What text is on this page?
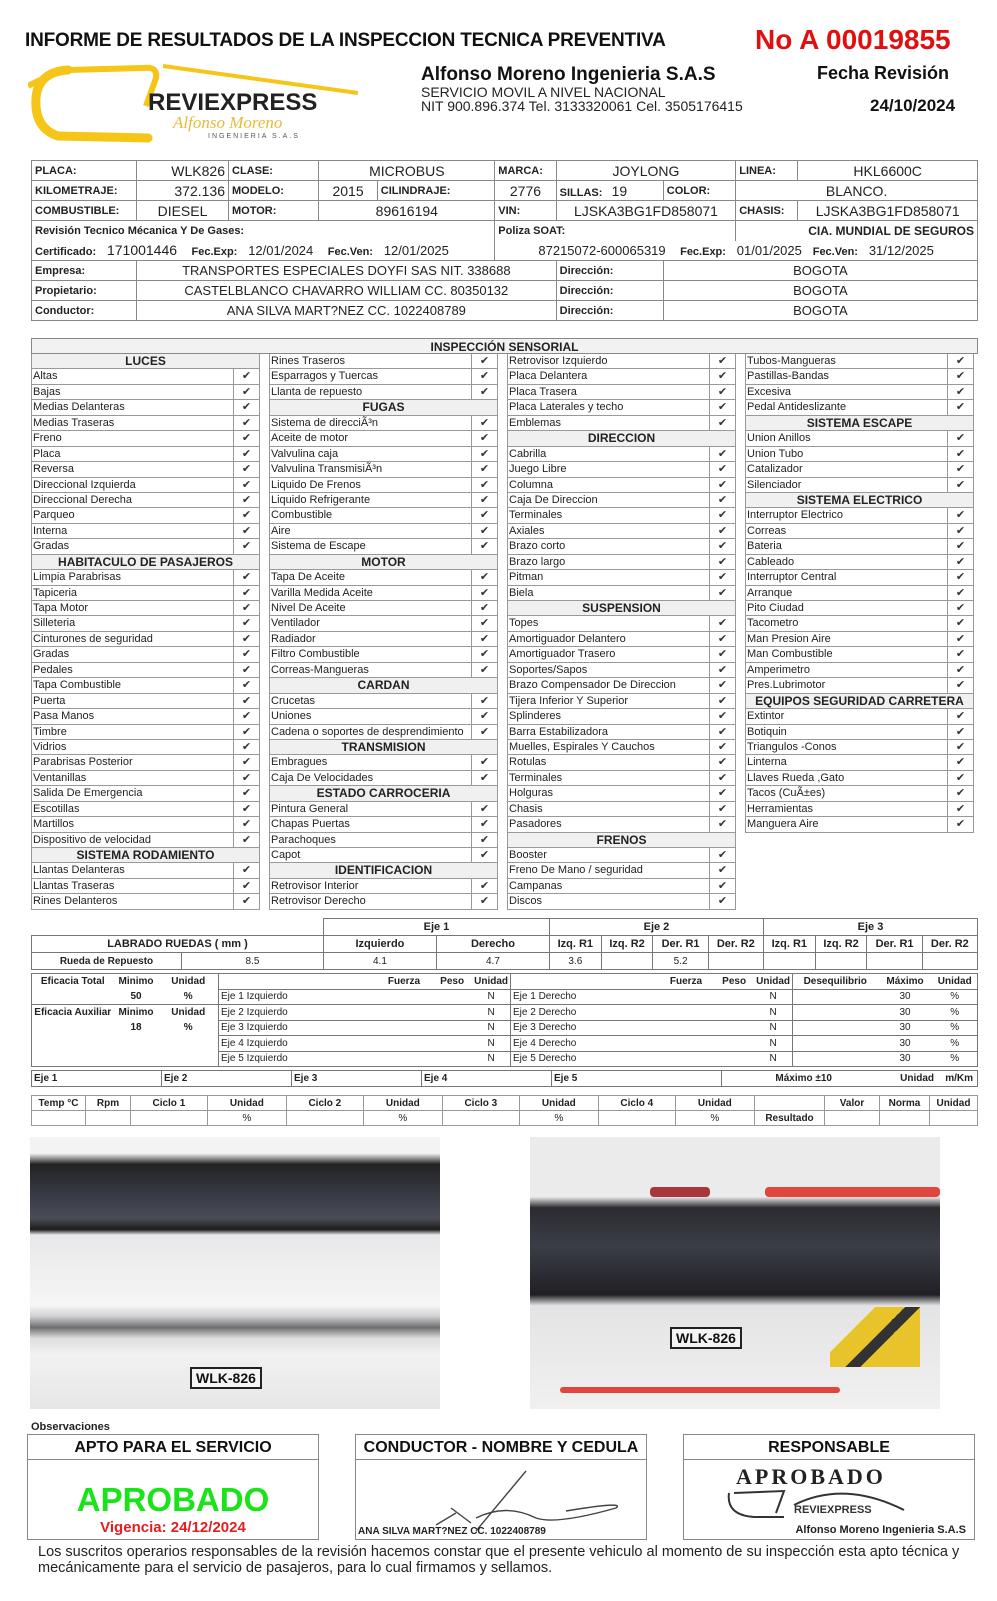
INFORME DE RESULTADOS DE LA INSPECCION TECNICA PREVENTIVA	No A 00019855
REVIEXPRESS
Alfonso Moreno
INGENIERIA S.A.S
Alfonso Moreno Ingenieria S.A.S
SERVICIO MOVIL A NIVEL NACIONAL
NIT 900.896.374 Tel. 3133320061 Cel. 3505176415
Fecha Revisión
24/10/2024
PLACA:	WLK826	CLASE:	MICROBUS		MARCA:	JOYLONG		LINEA:	HKL6600C
KILOMETRAJE:	372.136	MODELO:	2015	CILINDRAJE:	2776	SILLAS: 19	COLOR:	BLANCO.	
COMBUSTIBLE:	DIESEL	MOTOR:	89616194		VIN:	LJSKA3BG1FD858071		CHASIS:	LJSKA3BG1FD858071
Revisión Tecnico Mécanica Y De Gases:					Poliza SOAT:			CIA. MUNDIAL DE SEGUROS	
Certificado: 171001446 Fec.Exp: 12/01/2024 Fec.Ven: 12/01/2025					87215072-600065319 Fec.Exp: 01/01/2025 Fec.Ven: 31/12/2025				
Empresa:	TRANSPORTES ESPECIALES DOYFI SAS NIT. 338688					Dirección:	BOGOTA		
Propietario:	CASTELBLANCO CHAVARRO WILLIAM CC. 80350132					Dirección:	BOGOTA		
Conductor:	ANA SILVA MART?NEZ CC. 1022408789					Dirección:	BOGOTA		
INSPECCIÓN SENSORIAL
LUCES
Altas	✔
Bajas	✔
Medias Delanteras	✔
Medias Traseras	✔
Freno	✔
Placa	✔
Reversa	✔
Direccional Izquierda	✔
Direccional Derecha	✔
Parqueo	✔
Interna	✔
Gradas	✔
HABITACULO DE PASAJEROS
Limpia Parabrisas	✔
Tapiceria	✔
Tapa Motor	✔
Silleteria	✔
Cinturones de seguridad	✔
Gradas	✔
Pedales	✔
Tapa Combustible	✔
Puerta	✔
Pasa Manos	✔
Timbre	✔
Vidrios	✔
Parabrisas Posterior	✔
Ventanillas	✔
Salida De Emergencia	✔
Escotillas	✔
Martillos	✔
Dispositivo de velocidad	✔
SISTEMA RODAMIENTO
Llantas Delanteras	✔
Llantas Traseras	✔
Rines Delanteros	✔
Rines Traseros	✔
Esparragos y Tuercas	✔
Llanta de repuesto	✔
FUGAS
Sistema de direcciÃ³n	✔
Aceite de motor	✔
Valvulina caja	✔
Valvulina TransmisiÃ³n	✔
Liquido De Frenos	✔
Liquido Refrigerante	✔
Combustible	✔
Aire	✔
Sistema de Escape	✔
MOTOR
Tapa De Aceite	✔
Varilla Medida Aceite	✔
Nivel De Aceite	✔
Ventilador	✔
Radiador	✔
Filtro Combustible	✔
Correas-Mangueras	✔
CARDAN
Crucetas	✔
Uniones	✔
Cadena o soportes de desprendimiento	✔
TRANSMISION
Embragues	✔
Caja De Velocidades	✔
ESTADO CARROCERIA
Pintura General	✔
Chapas Puertas	✔
Parachoques	✔
Capot	✔
IDENTIFICACION
Retrovisor Interior	✔
Retrovisor Derecho	✔
Retrovisor Izquierdo	✔
Placa Delantera	✔
Placa Trasera	✔
Placa Laterales y techo	✔
Emblemas	✔
DIRECCION
Cabrilla	✔
Juego Libre	✔
Columna	✔
Caja De Direccion	✔
Terminales	✔
Axiales	✔
Brazo corto	✔
Brazo largo	✔
Pitman	✔
Biela	✔
SUSPENSION
Topes	✔
Amortiguador Delantero	✔
Amortiguador Trasero	✔
Soportes/Sapos	✔
Brazo Compensador De Direccion	✔
Tijera Inferior Y Superior	✔
Splinderes	✔
Barra Estabilizadora	✔
Muelles, Espirales Y Cauchos	✔
Rotulas	✔
Terminales	✔
Holguras	✔
Chasis	✔
Pasadores	✔
FRENOS
Booster	✔
Freno De Mano / seguridad	✔
Campanas	✔
Discos	✔
Tubos-Mangueras	✔
Pastillas-Bandas	✔
Excesiva	✔
Pedal Antideslizante	✔
SISTEMA ESCAPE
Union Anillos	✔
Union Tubo	✔
Catalizador	✔
Silenciador	✔
SISTEMA ELECTRICO
Interruptor Electrico	✔
Correas	✔
Bateria	✔
Cableado	✔
Interruptor Central	✔
Arranque	✔
Pito Ciudad	✔
Tacometro	✔
Man Presion Aire	✔
Man Combustible	✔
Amperimetro	✔
Pres.Lubrimotor	✔
EQUIPOS SEGURIDAD CARRETERA
Extintor	✔
Botiquin	✔
Triangulos -Conos	✔
Linterna	✔
Llaves Rueda ,Gato	✔
Tacos (CuÃ±es)	✔
Herramientas	✔
Manguera Aire	✔
		Eje 1		Eje 2				Eje 3			
LABRADO RUEDAS ( mm )		Izquierdo	Derecho	Izq. R1	Izq. R2	Der. R1	Der. R2	Izq. R1	Izq. R2	Der. R1	Der. R2
Rueda de Repuesto	8.5	4.1	4.7	3.6		5.2					
Eficacia Total	Minimo	Unidad	Fuerza	Peso	Unidad	Fuerza	Peso	Unidad	Desequilibrio	Máximo	Unidad
	50	%	Eje 1 Izquierdo		N	Eje 1 Derecho		N		30	%
Eficacia Auxiliar	Minimo	Unidad	Eje 2 Izquierdo		N	Eje 2 Derecho		N		30	%
	18	%	Eje 3 Izquierdo		N	Eje 3 Derecho		N		30	%
			Eje 4 Izquierdo		N	Eje 4 Derecho		N		30	%
			Eje 5 Izquierdo		N	Eje 5 Derecho		N		30	%
Eje 1	Eje 2	Eje 3	Eje 4	Eje 5	Máximo ±10	Unidad	m/Km
Temp °C	Rpm	Ciclo 1	Unidad	Ciclo 2	Unidad	Ciclo 3	Unidad	Ciclo 4	Unidad		Valor	Norma	Unidad
			%		%		%		%	Resultado			
WLK-826
WLK-826
Observaciones
APTO PARA EL SERVICIO
APROBADO
Vigencia: 24/12/2024
CONDUCTOR - NOMBRE Y CEDULA
ANA SILVA MART?NEZ CC. 1022408789
RESPONSABLE
APROBADO
REVIEXPRESS
Alfonso Moreno Ingenieria S.A.S
Los suscritos operarios responsables de la revisión hacemos constar que el presente vehiculo al momento de su inspección esta apto técnica y mecánicamente para el servicio de pasajeros, para lo cual firmamos y sellamos.
